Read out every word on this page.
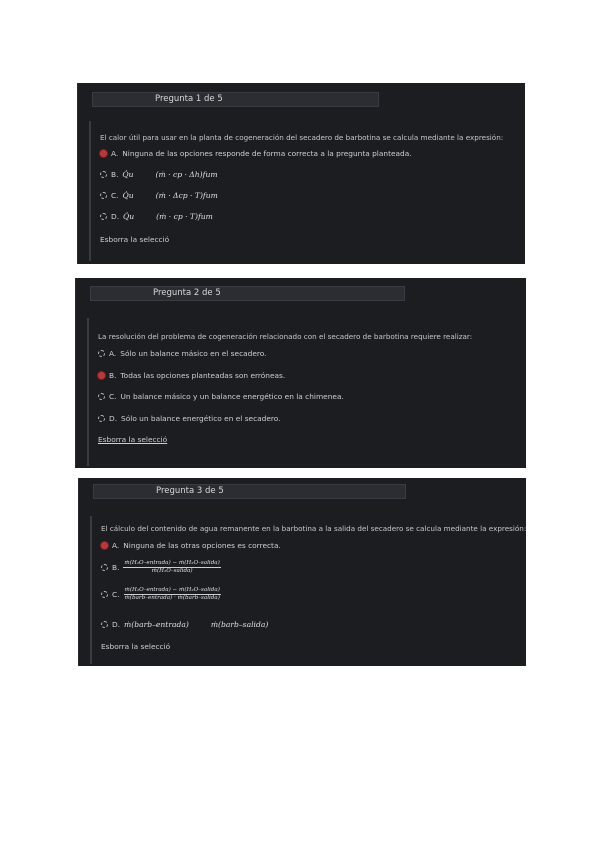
Pregunta 1 de 5
El calor útil para usar en la planta de cogeneración del secadero de barbotina se calcula mediante la expresión:
A. Ninguna de las opciones responde de forma correcta a la pregunta planteada.
B. Q̇u	(ṁ · cp · Δh)fum
C. Q̇u	(ṁ · Δcp · T)fum
D. Q̇u	(ṁ · cp · T)fum
Esborra la selecció
Pregunta 2 de 5
La resolución del problema de cogeneración relacionado con el secadero de barbotina requiere realizar:
A. Sólo un balance másico en el secadero.
B. Todas las opciones planteadas son erróneas.
C. Un balance másico y un balance energético en la chimenea.
D. Sólo un balance energético en el secadero.
Esborra la selecció
Pregunta 3 de 5
El cálculo del contenido de agua remanente en la barbotina a la salida del secadero se calcula mediante la expresión:
A. Ninguna de las otras opciones es correcta.
B. $\frac{\text{ṁ(H₂O–entrada) − ṁ(H₂O–salida)}}{\text{ṁ(H₂O–salida)}}$
C. $\frac{\text{ṁ(H₂O–entrada) − ṁ(H₂O–salida)}}{\text{ṁ(barb–entrada) · ṁ(barb–salida)}}$
D. ṁ(barb–entrada)	ṁ(barb–salida)
Esborra la selecció
